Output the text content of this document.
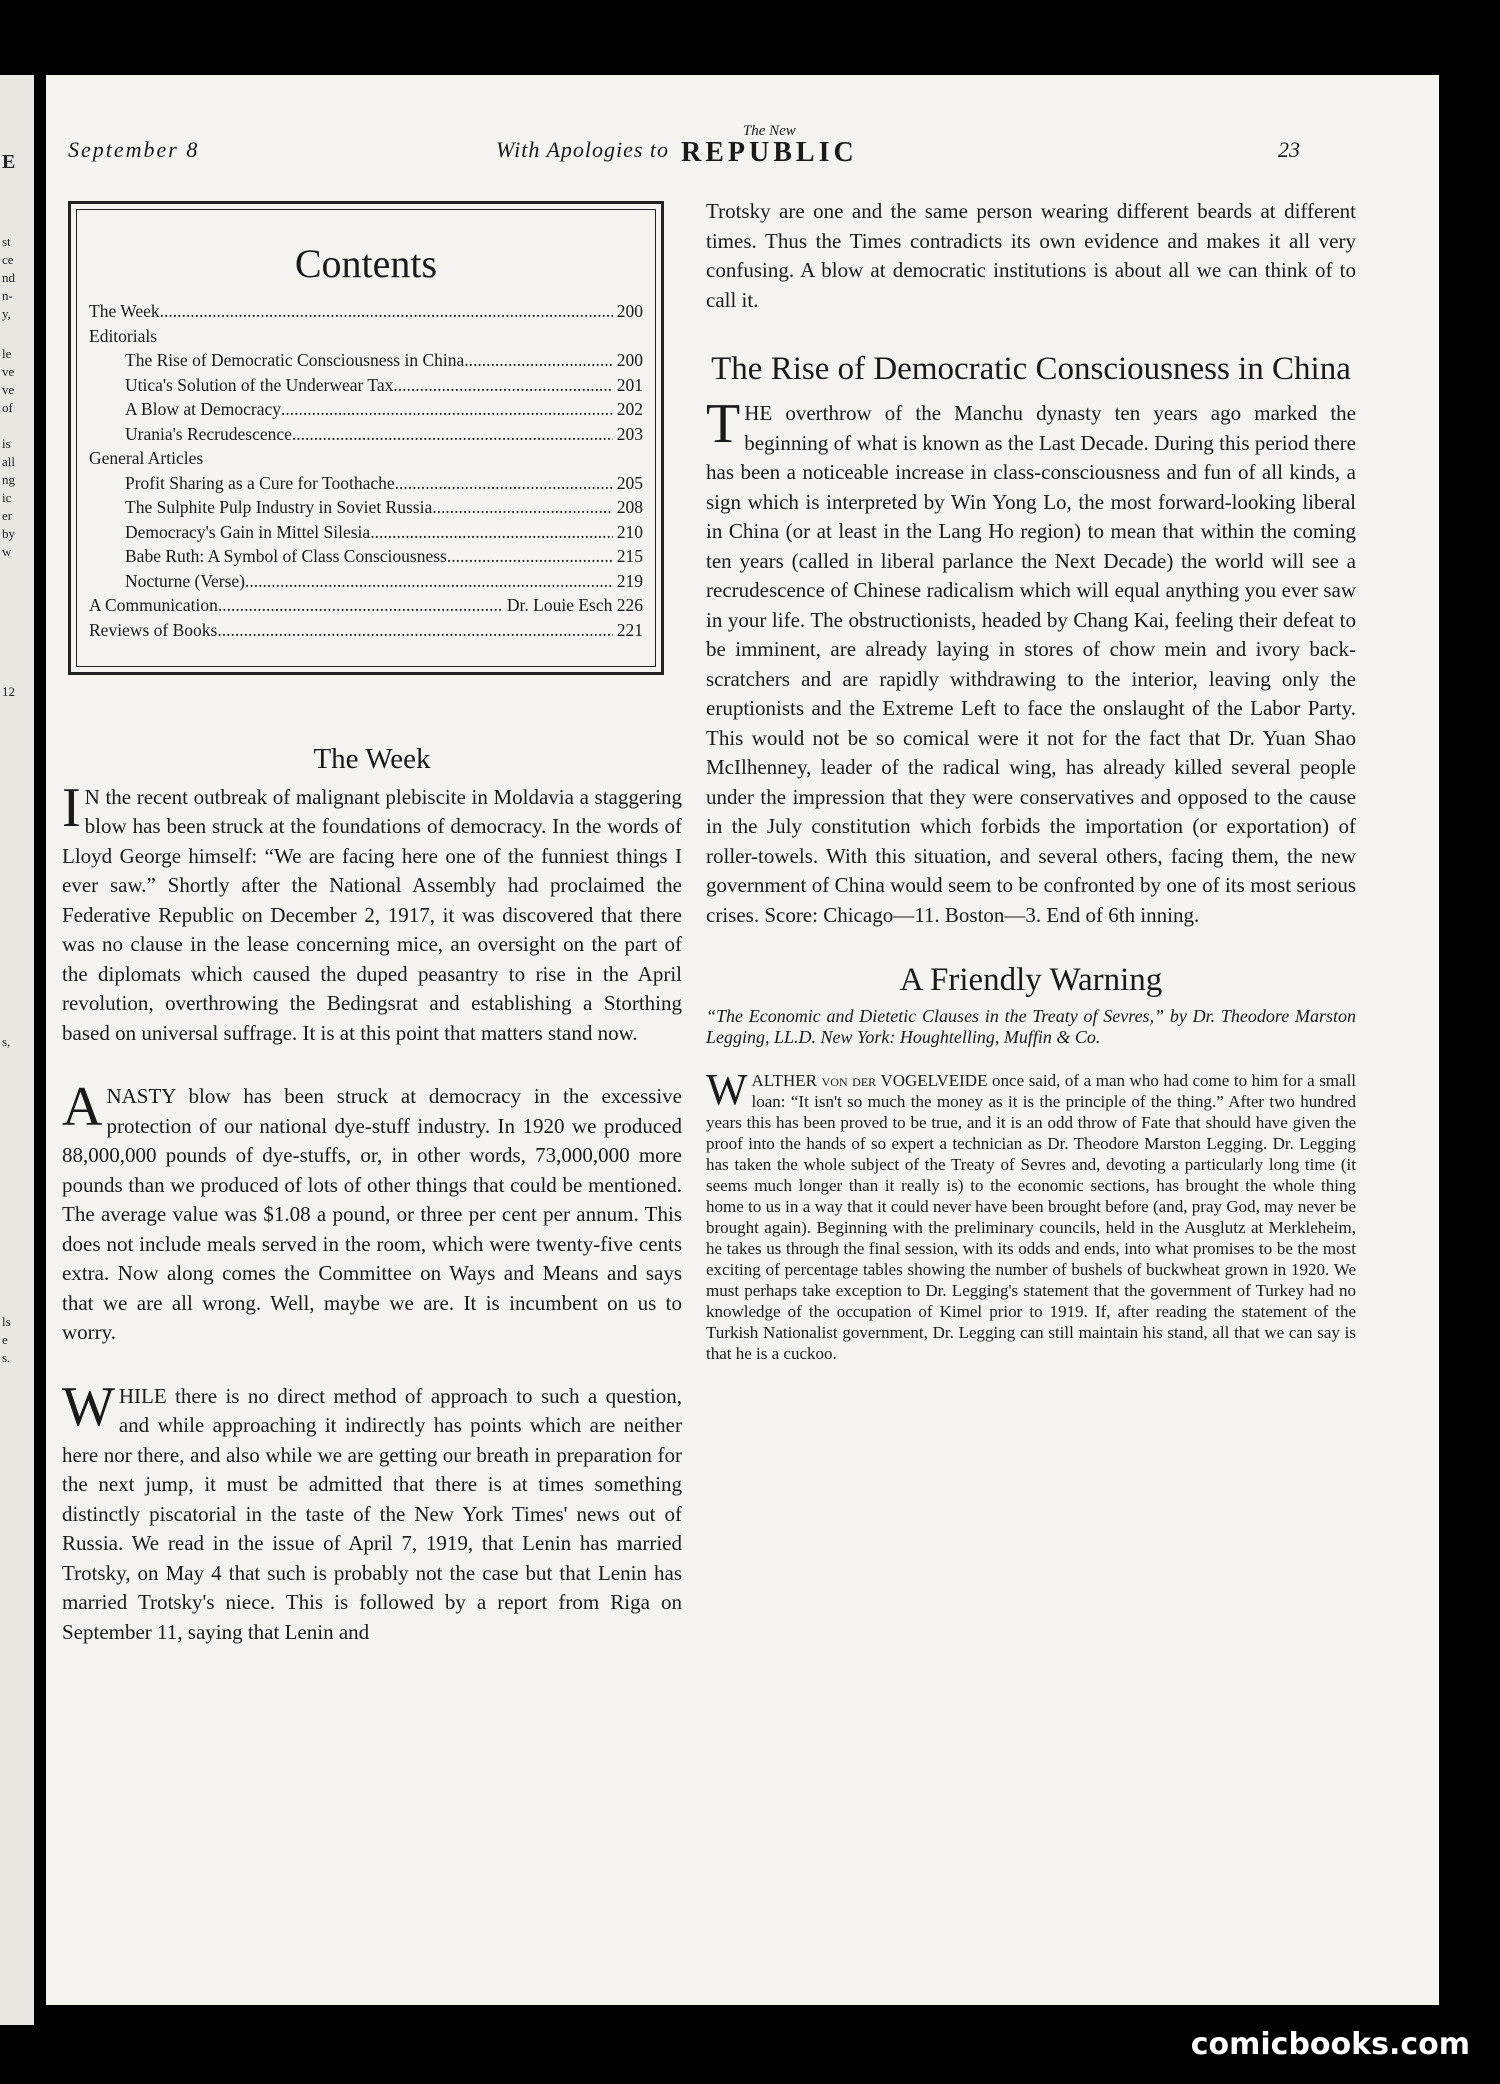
E
st
ce
nd
n-
y,
le
ve
ve
of
is
all
ng
ic
er
by
w
12
s,
ls
e
s.
September 8	With Apologies to
The New
REPUBLIC	23
Contents
The Week .....	200
Editorials
The Rise of Democratic Consciousness in China .....	200
Utica's Solution of the Underwear Tax .....	201
A Blow at Democracy .....	202
Urania's Recrudescence .....	203
General Articles
Profit Sharing as a Cure for Toothache .....	205
The Sulphite Pulp Industry in Soviet Russia .....	208
Democracy's Gain in Mittel Silesia .....	210
Babe Ruth: A Symbol of Class Consciousness .....	215
Nocturne (Verse) .....	219
A Communication .....	Dr. Louie Esch 226
Reviews of Books .....	221
The Week

I N the recent outbreak of malignant plebiscite in Moldavia a staggering blow has been struck at the foundations of democracy. In the words of Lloyd George himself: “We are facing here one of the funniest things I ever saw.” Shortly after the National Assembly had proclaimed the Federative Republic on December 2, 1917, it was discovered that there was no clause in the lease concerning mice, an oversight on the part of the diplomats which caused the duped peasantry to rise in the April revolution, overthrowing the Bedingsrat and establishing a Storthing based on universal suffrage. It is at this point that matters stand now.

ANASTY blow has been struck at democracy in the excessive protection of our national dye-stuff industry. In 1920 we produced 88,000,000 pounds of dye-stuffs, or, in other words, 73,000,000 more pounds than we produced of lots of other things that could be mentioned. The average value was $1.08 a pound, or three per cent per annum. This does not include meals served in the room, which were twenty-five cents extra. Now along comes the Committee on Ways and Means and says that we are all wrong. Well, maybe we are. It is incumbent on us to worry.

WHILE there is no direct method of approach to such a question, and while approaching it indirectly has points which are neither here nor there, and also while we are getting our breath in preparation for the next jump, it must be admitted that there is at times something distinctly piscatorial in the taste of the New York Times' news out of Russia. We read in the issue of April 7, 1919, that Lenin has married Trotsky, on May 4 that such is probably not the case but that Lenin has married Trotsky's niece. This is followed by a report from Riga on September 11, saying that Lenin and

Trotsky are one and the same person wearing different beards at different times. Thus the Times contradicts its own evidence and makes it all very confusing. A blow at democratic institutions is about all we can think of to call it.

The Rise of Democratic Consciousness in China

THE overthrow of the Manchu dynasty ten years ago marked the beginning of what is known as the Last Decade. During this period there has been a noticeable increase in class-consciousness and fun of all kinds, a sign which is interpreted by Win Yong Lo, the most forward-looking liberal in China (or at least in the Lang Ho region) to mean that within the coming ten years (called in liberal parlance the Next Decade) the world will see a recrudescence of Chinese radicalism which will equal anything you ever saw in your life. The obstructionists, headed by Chang Kai, feeling their defeat to be imminent, are already laying in stores of chow mein and ivory back-scratchers and are rapidly withdrawing to the interior, leaving only the eruptionists and the Extreme Left to face the onslaught of the Labor Party. This would not be so comical were it not for the fact that Dr. Yuan Shao McIlhenney, leader of the radical wing, has already killed several people under the impression that they were conservatives and opposed to the cause in the July constitution which forbids the importation (or exportation) of roller-towels. With this situation, and several others, facing them, the new government of China would seem to be confronted by one of its most serious crises. Score: Chicago—11. Boston—3. End of 6th inning.

A Friendly Warning

“The Economic and Dietetic Clauses in the Treaty of Sevres,” by Dr. Theodore Marston Legging, LL.D. New York: Houghtelling, Muffin & Co.

WALTHER von der VOGELVEIDE once said, of a man who had come to him for a small loan: “It isn't so much the money as it is the principle of the thing.” After two hundred years this has been proved to be true, and it is an odd throw of Fate that should have given the proof into the hands of so expert a technician as Dr. Theodore Marston Legging. Dr. Legging has taken the whole subject of the Treaty of Sevres and, devoting a particularly long time (it seems much longer than it really is) to the economic sections, has brought the whole thing home to us in a way that it could never have been brought before (and, pray God, may never be brought again). Beginning with the preliminary councils, held in the Ausglutz at Merkleheim, he takes us through the final session, with its odds and ends, into what promises to be the most exciting of percentage tables showing the number of bushels of buckwheat grown in 1920. We must perhaps take exception to Dr. Legging's statement that the government of Turkey had no knowledge of the occupation of Kimel prior to 1919. If, after reading the statement of the Turkish Nationalist government, Dr. Legging can still maintain his stand, all that we can say is that he is a cuckoo.

comicbooks.com
